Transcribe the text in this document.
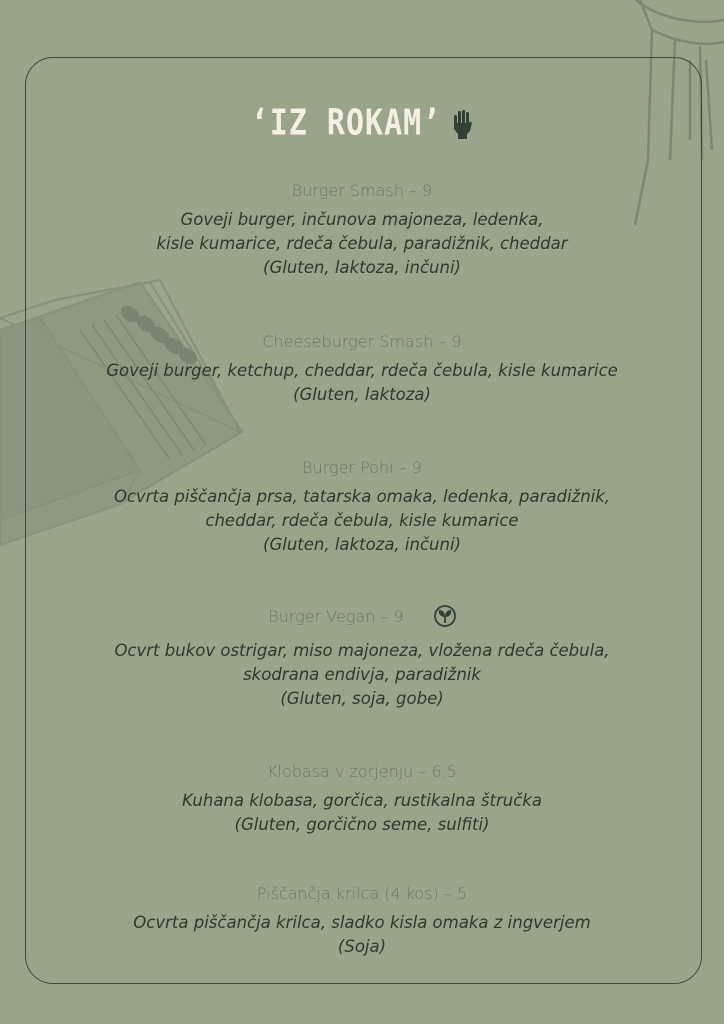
‘IZ ROKAM’
Burger Smash – 9
Goveji burger, inčunova majoneza, ledenka,
kisle kumarice, rdeča čebula, paradižnik, cheddar
(Gluten, laktoza, inčuni)
Cheeseburger Smash – 9
Goveji burger, ketchup, cheddar, rdeča čebula, kisle kumarice
(Gluten, laktoza)
Burger Pohi – 9
Ocvrta piščančja prsa, tatarska omaka, ledenka, paradižnik,
cheddar, rdeča čebula, kisle kumarice
(Gluten, laktoza, inčuni)
Burger Vegan – 9
Ocvrt bukov ostrigar, miso majoneza, vložena rdeča čebula,
skodrana endivja, paradižnik
(Gluten, soja, gobe)
Klobasa v zorjenju – 6,5
Kuhana klobasa, gorčica, rustikalna štručka
(Gluten, gorčično seme, sulfiti)
Piščančja krilca (4 kos) – 5
Ocvrta piščančja krilca, sladko kisla omaka z ingverjem
(Soja)
